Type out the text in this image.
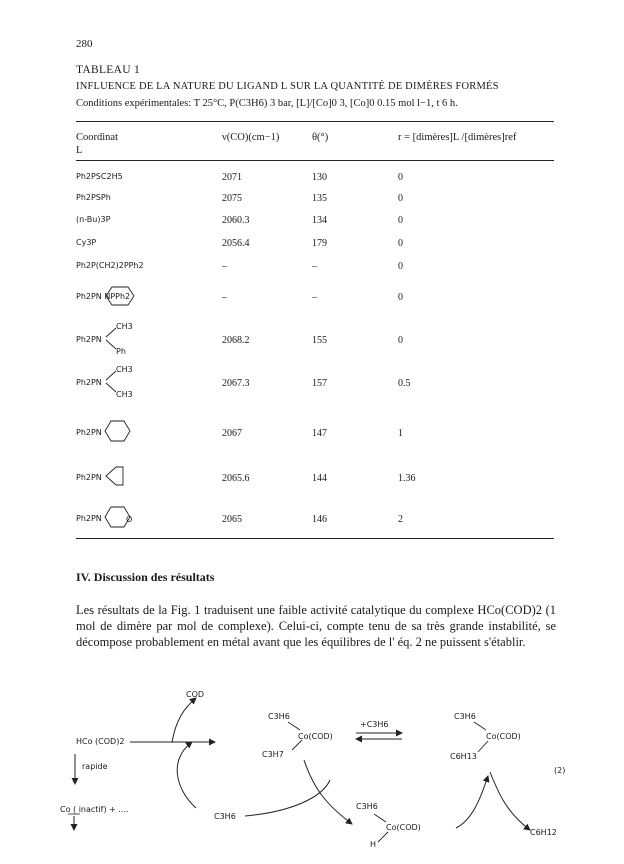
280
TABLEAU 1
INFLUENCE DE LA NATURE DU LIGAND L SUR LA QUANTITÉ DE DIMÈRES FORMÉS
Conditions expérimentales: T 25°C, P(C3H6) 3 bar, [L]/[Co]0 3, [Co]0 0.15 mol l−1, t 6 h.
Coordinat
L
ν(CO)(cm−1)	θ(°)	r = [dimères]L /[dimères]ref
Ph2PSC2H5	2071	130	0
Ph2PSPh	2075	135	0
(n-Bu)3P	2060.3	134	0
Cy3P	2056.4	179	0
Ph2P(CH2)2PPh2	–	–	0
Ph2PN NPPh2	–	–	0
Ph2PN	2068.2	155	0
CH3
Ph
Ph2PN	2067.3	157	0.5
CH3
CH3
Ph2PN	2067	147	1
Ph2PN	2065.6	144	1.36
Ph2PN	2065	146	2
O
IV. Discussion des résultats
Les résultats de la Fig. 1 traduisent une faible activité catalytique du complexe HCo(COD)2 (1 mol de dimère par mol de complexe). Celui-ci, compte tenu de sa très grande instabilité, se décompose probablement en métal avant que les équilibres de l' éq. 2 ne puissent s'établir.
COD
HCo (COD)2
rapide
Co ( inactif) + ....
C3H6
Co(COD)
C3H7
+C3H6
C3H6
Co(COD)
C6H13
(2)
C3H6
C3H6
Co(COD)
H
C6H12
